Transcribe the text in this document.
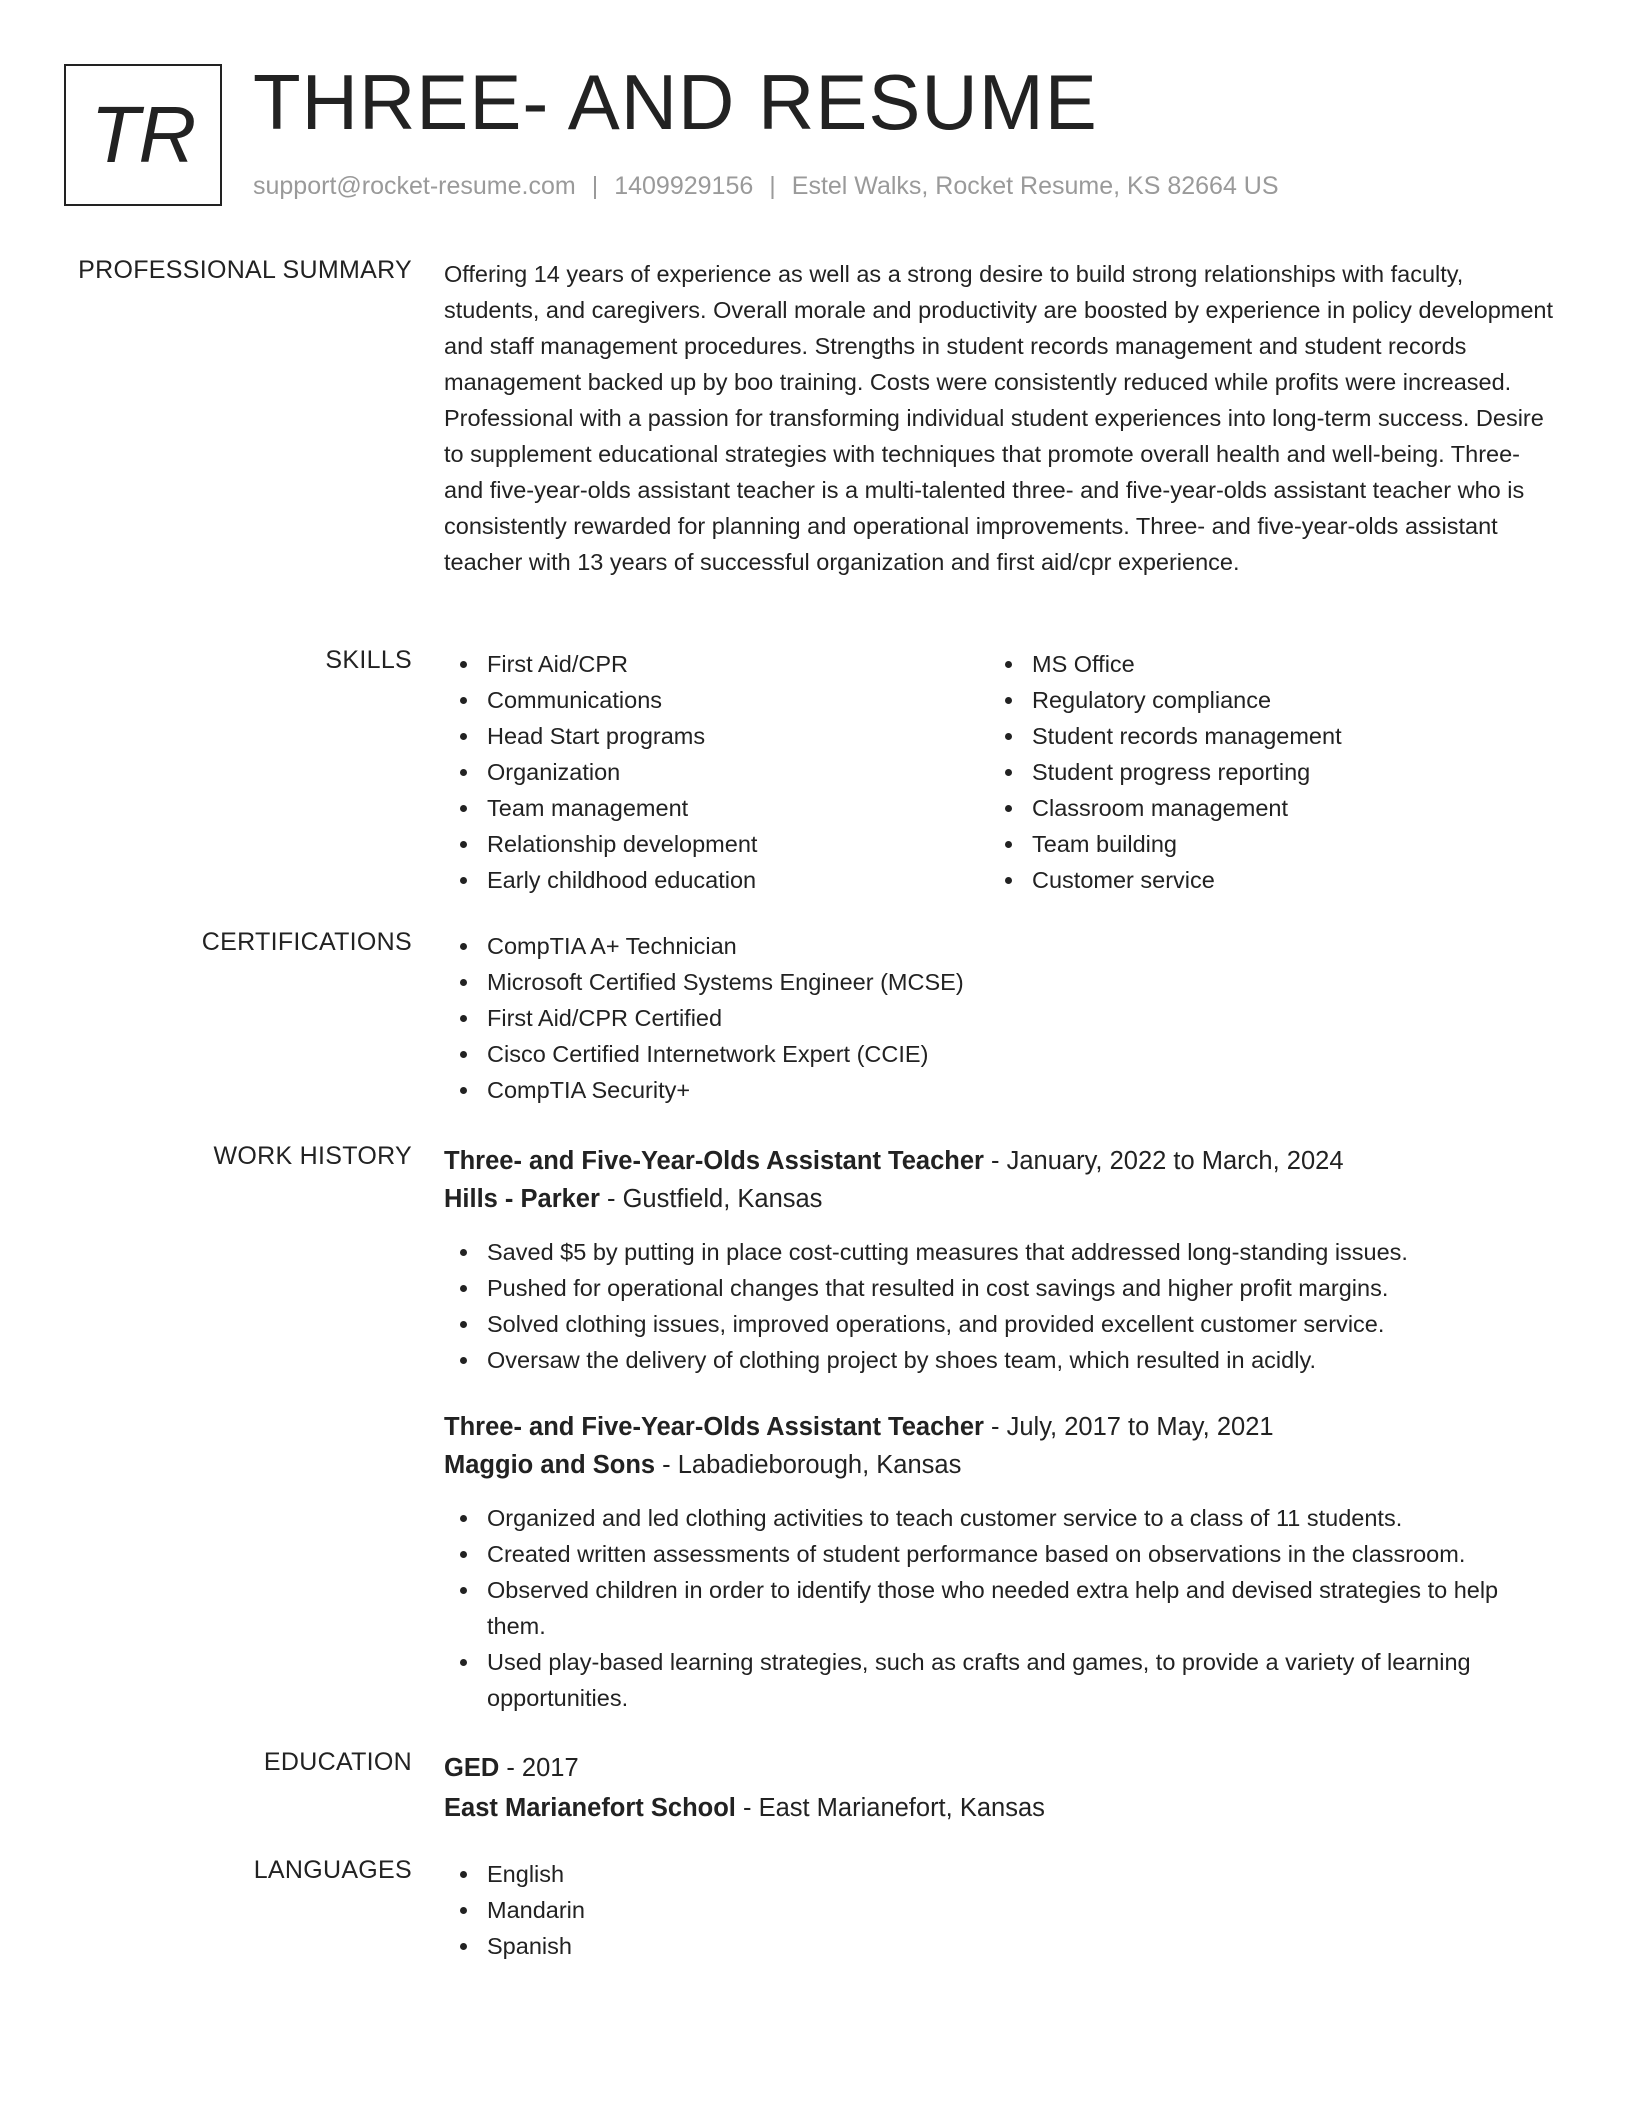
TR THREE- AND RESUME
support@rocket-resume.com | 1409929156 | Estel Walks, Rocket Resume, KS 82664 US
PROFESSIONAL SUMMARY Offering 14 years of experience as well as a strong desire to build strong relationships with faculty, students, and caregivers. Overall morale and productivity are boosted by experience in policy development and staff management procedures. Strengths in student records management and student records management backed up by boo training. Costs were consistently reduced while profits were increased. Professional with a passion for transforming individual student experiences into long-term success. Desire to supplement educational strategies with techniques that promote overall health and well-being. Three- and five-year-olds assistant teacher is a multi-talented three- and five-year-olds assistant teacher who is consistently rewarded for planning and operational improvements. Three- and five-year-olds assistant teacher with 13 years of successful organization and first aid/cpr experience.

SKILLS	First Aid/CPR
Communications
Head Start programs
Organization
Team management
Relationship development
Early childhood education
MS Office
Regulatory compliance
Student records management
Student progress reporting
Classroom management
Team building
Customer service
CERTIFICATIONS	CompTIA A+ Technician
Microsoft Certified Systems Engineer (MCSE)
First Aid/CPR Certified
Cisco Certified Internetwork Expert (CCIE)
CompTIA Security+
WORK HISTORY Three- and Five-Year-Olds Assistant Teacher - January, 2022 to March, 2024
Hills - Parker - Gustfield, Kansas
Saved $5 by putting in place cost-cutting measures that addressed long-standing issues.
Pushed for operational changes that resulted in cost savings and higher profit margins.
Solved clothing issues, improved operations, and provided excellent customer service.
Oversaw the delivery of clothing project by shoes team, which resulted in acidly.
Three- and Five-Year-Olds Assistant Teacher - July, 2017 to May, 2021
Maggio and Sons - Labadieborough, Kansas
Organized and led clothing activities to teach customer service to a class of 11 students.
Created written assessments of student performance based on observations in the classroom.
Observed children in order to identify those who needed extra help and devised strategies to help them.
Used play-based learning strategies, such as crafts and games, to provide a variety of learning opportunities.
EDUCATION GED - 2017
East Marianefort School - East Marianefort, Kansas
LANGUAGES	English
Mandarin
Spanish
